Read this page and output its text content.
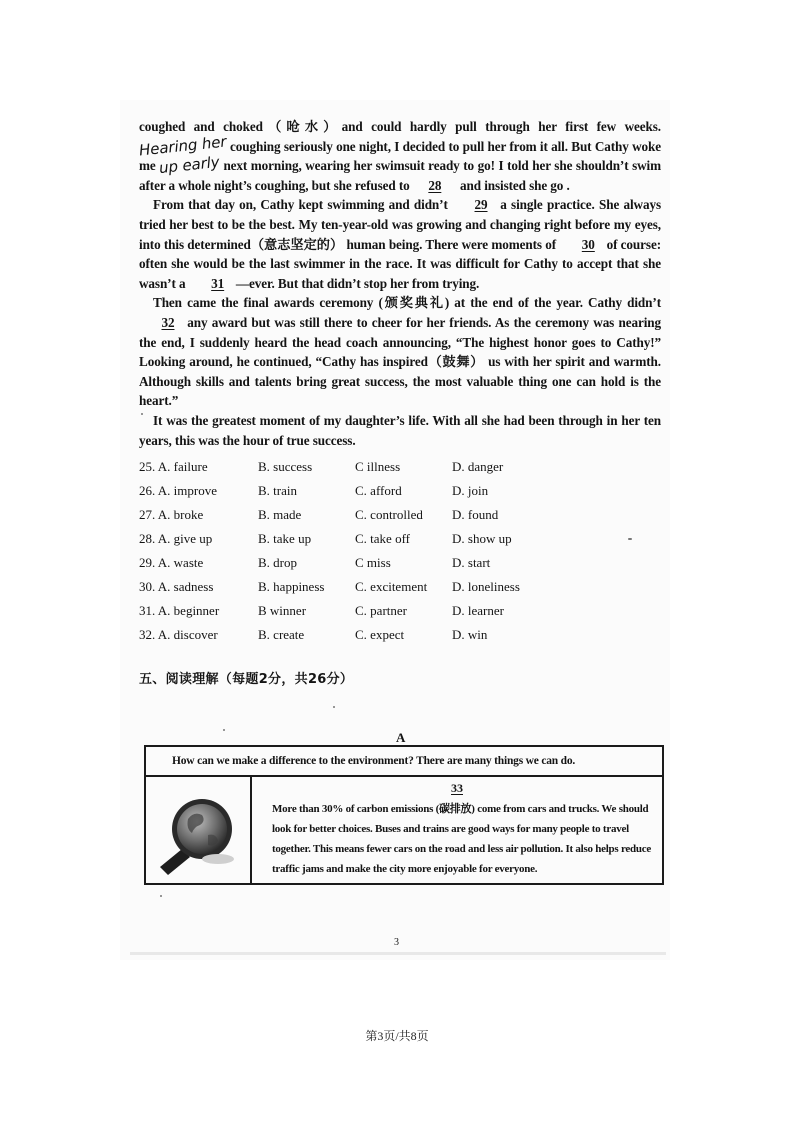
coughed and choked（呛水）and could hardly pull through her first few weeks. Hearing her coughing seriously one night, I decided to pull her from it all. But Cathy woke me up early next morning, wearing her swimsuit ready to go! I told her she shouldn’t swim after a whole night’s coughing, but she refused to 28 and insisted she go .

From that day on, Cathy kept swimming and didn’t 29 a single practice. She always tried her best to be the best. My ten-year-old was growing and changing right before my eyes, into this determined（意志坚定的） human being. There were moments of 30 of course: often she would be the last swimmer in the race. It was difficult for Cathy to accept that she wasn’t a 31 —ever. But that didn’t stop her from trying.

Then came the final awards ceremony (颁奖典礼) at the end of the year. Cathy didn’t 32 any award but was still there to cheer for her friends. As the ceremony was nearing the end, I suddenly heard the head coach announcing, “The highest honor goes to Cathy!” Looking around, he continued, “Cathy has inspired（鼓舞） us with her spirit and warmth. Although skills and talents bring great success, the most valuable thing one can hold is the heart.”

It was the greatest moment of my daughter’s life. With all she had been through in her ten years, this was the hour of true success.

25. A. failure	B. success	C illness	D. danger
26. A. improve	B. train	C. afford	D. join
27. A. broke	B. made	C. controlled	D. found
28. A. give up	B. take up	C. take off	D. show up
29. A. waste	B. drop	C miss	D. start
30. A. sadness	B. happiness	C. excitement	D. loneliness
31. A. beginner	B winner	C. partner	D. learner
32. A. discover	B. create	C. expect	D. win
五、阅读理解（每题2分，共26分）
A
How can we make a difference to the environment? There are many things we can do.
33
More than 30% of carbon emissions (碳排放) come from cars and trucks. We should look for better choices. Buses and trains are good ways for many people to travel together. This means fewer cars on the road and less air pollution. It also helps reduce traffic jams and make the city more enjoyable for everyone.
3
第3页/共8页
